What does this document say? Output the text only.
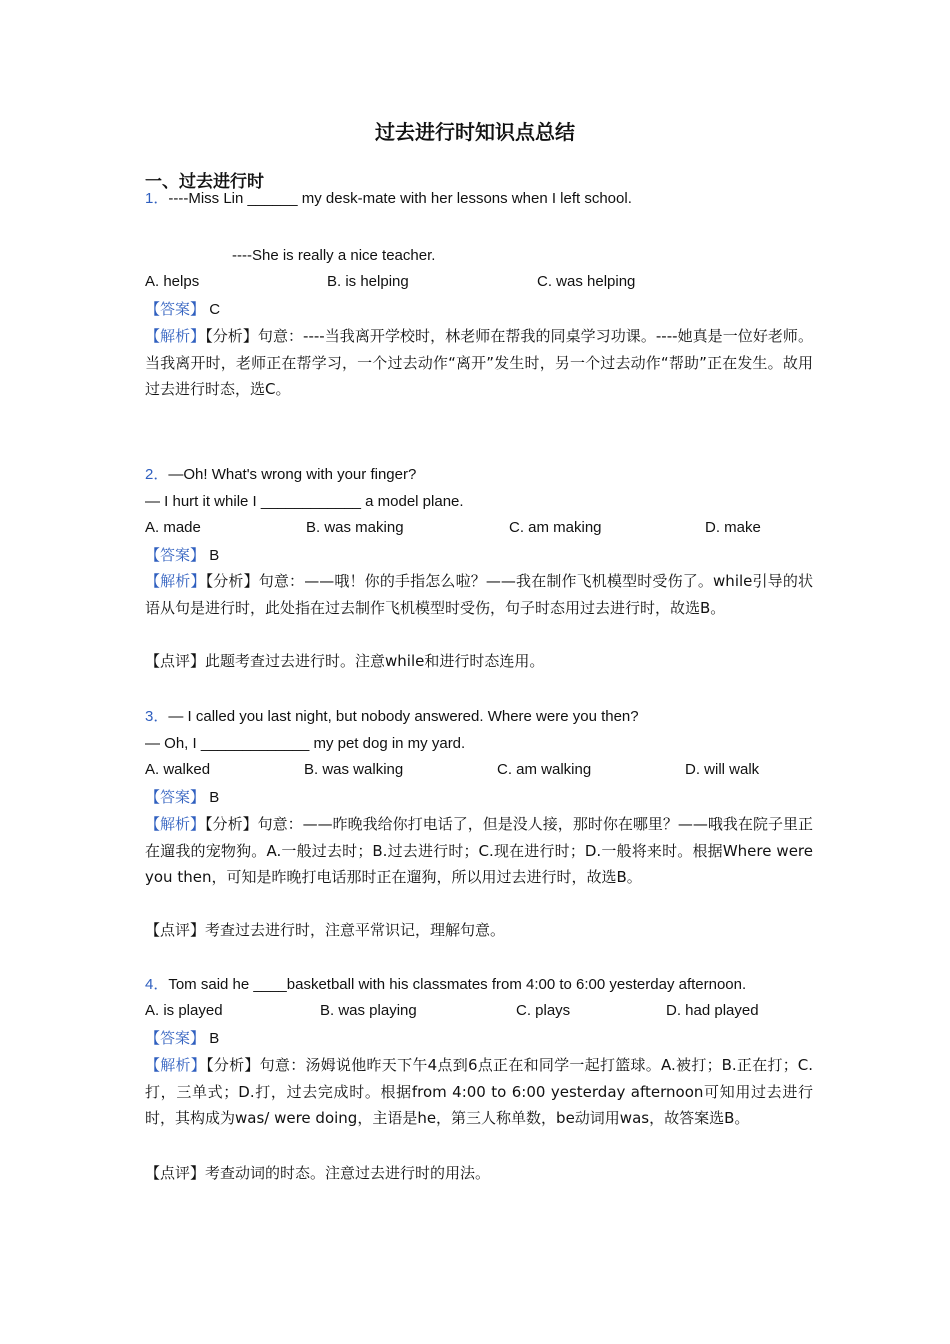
过去进行时知识点总结
一、过去进行时
1．----Miss Lin ______ my desk-mate with her lessons when I left school.
----She is really a nice teacher.
A. helps	B. is helping	C. was helping
【答案】 C
【解析】【分析】句意：----当我离开学校时，林老师在帮我的同桌学习功课。----她真是一位好老师。当我离开时，老师正在帮学习，一个过去动作“离开”发生时，另一个过去动作“帮助”正在发生。故用过去进行时态，选C。
2．—Oh! What's wrong with your finger?
— I hurt it while I ____________ a model plane.
A. made	B. was making	C. am making	D. make
【答案】 B
【解析】【分析】句意：——哦！你的手指怎么啦？——我在制作飞机模型时受伤了。while引导的状语从句是进行时，此处指在过去制作飞机模型时受伤，句子时态用过去进行时，故选B。
【点评】此题考查过去进行时。注意while和进行时态连用。
3．— I called you last night, but nobody answered. Where were you then?
— Oh, I _____________ my pet dog in my yard.
A. walked	B. was walking	C. am walking	D. will walk
【答案】 B
【解析】【分析】句意：——昨晚我给你打电话了，但是没人接，那时你在哪里？——哦我在院子里正在遛我的宠物狗。A.一般过去时；B.过去进行时；C.现在进行时；D.一般将来时。根据Where were you then，可知是昨晚打电话那时正在遛狗，所以用过去进行时，故选B。
【点评】考查过去进行时，注意平常识记，理解句意。
4．Tom said he ____basketball with his classmates from 4:00 to 6:00 yesterday afternoon.
A. is played	B. was playing	C. plays	D. had played
【答案】 B
【解析】【分析】句意：汤姆说他昨天下午4点到6点正在和同学一起打篮球。A.被打；B.正在打；C.打，三单式；D.打，过去完成时。根据from 4:00 to 6:00 yesterday afternoon可知用过去进行时，其构成为was/ were doing，主语是he，第三人称单数，be动词用was，故答案选B。
【点评】考查动词的时态。注意过去进行时的用法。
